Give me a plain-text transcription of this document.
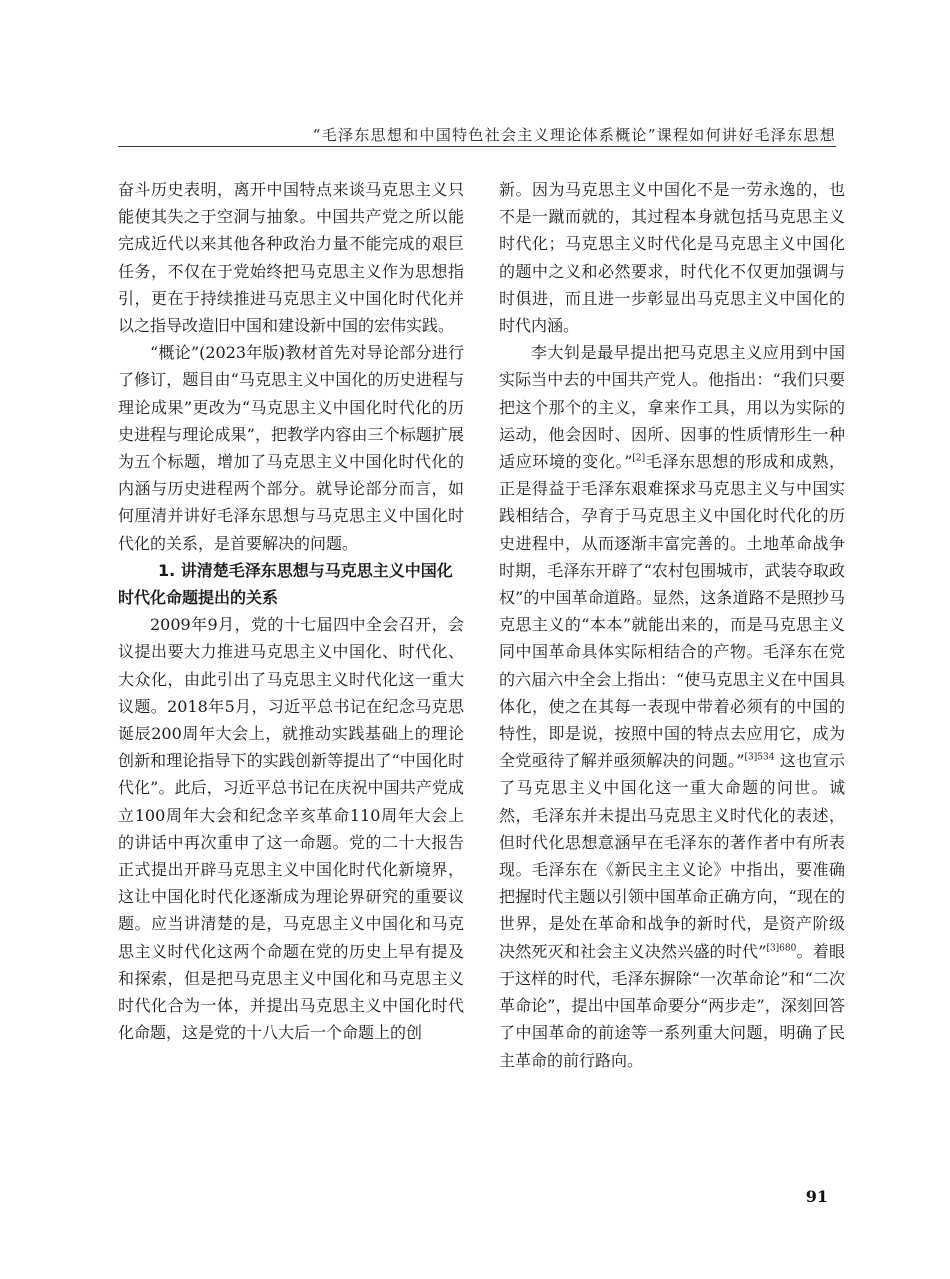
“毛泽东思想和中国特色社会主义理论体系概论”课程如何讲好毛泽东思想

奋斗历史表明，离开中国特点来谈马克思主义只能使其失之于空洞与抽象。中国共产党之所以能完成近代以来其他各种政治力量不能完成的艰巨任务，不仅在于党始终把马克思主义作为思想指引，更在于持续推进马克思主义中国化时代化并以之指导改造旧中国和建设新中国的宏伟实践。

“概论”(2023年版)教材首先对导论部分进行了修订，题目由“马克思主义中国化的历史进程与理论成果”更改为“马克思主义中国化时代化的历史进程与理论成果”，把教学内容由三个标题扩展为五个标题，增加了马克思主义中国化时代化的内涵与历史进程两个部分。就导论部分而言，如何厘清并讲好毛泽东思想与马克思主义中国化时代化的关系，是首要解决的问题。

1. 讲清楚毛泽东思想与马克思主义中国化时代化命题提出的关系

2009年9月，党的十七届四中全会召开，会议提出要大力推进马克思主义中国化、时代化、大众化，由此引出了马克思主义时代化这一重大议题。2018年5月，习近平总书记在纪念马克思诞辰200周年大会上，就推动实践基础上的理论创新和理论指导下的实践创新等提出了“中国化时代化”。此后，习近平总书记在庆祝中国共产党成立100周年大会和纪念辛亥革命110周年大会上的讲话中再次重申了这一命题。党的二十大报告正式提出开辟马克思主义中国化时代化新境界，这让中国化时代化逐渐成为理论界研究的重要议题。应当讲清楚的是，马克思主义中国化和马克思主义时代化这两个命题在党的历史上早有提及和探索，但是把马克思主义中国化和马克思主义时代化合为一体，并提出马克思主义中国化时代化命题，这是党的十八大后一个命题上的创

新。因为马克思主义中国化不是一劳永逸的，也不是一蹴而就的，其过程本身就包括马克思主义时代化；马克思主义时代化是马克思主义中国化的题中之义和必然要求，时代化不仅更加强调与时俱进，而且进一步彰显出马克思主义中国化的时代内涵。

李大钊是最早提出把马克思主义应用到中国实际当中去的中国共产党人。他指出：“我们只要把这个那个的主义，拿来作工具，用以为实际的运动，他会因时、因所、因事的性质情形生一种适应环境的变化。”[2]毛泽东思想的形成和成熟，正是得益于毛泽东艰难探求马克思主义与中国实践相结合，孕育于马克思主义中国化时代化的历史进程中，从而逐渐丰富完善的。土地革命战争时期，毛泽东开辟了“农村包围城市，武装夺取政权”的中国革命道路。显然，这条道路不是照抄马克思主义的“本本”就能出来的，而是马克思主义同中国革命具体实际相结合的产物。毛泽东在党的六届六中全会上指出：“使马克思主义在中国具体化，使之在其每一表现中带着必须有的中国的特性，即是说，按照中国的特点去应用它，成为全党亟待了解并亟须解决的问题。”$^{[3]534}$ 这也宣示了马克思主义中国化这一重大命题的问世。诚然，毛泽东并未提出马克思主义时代化的表述，但时代化思想意涵早在毛泽东的著作者中有所表现。毛泽东在《新民主主义论》中指出，要准确把握时代主题以引领中国革命正确方向，“现在的世界，是处在革命和战争的新时代，是资产阶级决然死灭和社会主义决然兴盛的时代”$^{[3]680}$。着眼于这样的时代，毛泽东摒除“一次革命论”和“二次革命论”，提出中国革命要分“两步走”，深刻回答了中国革命的前途等一系列重大问题，明确了民主革命的前行路向。

91
